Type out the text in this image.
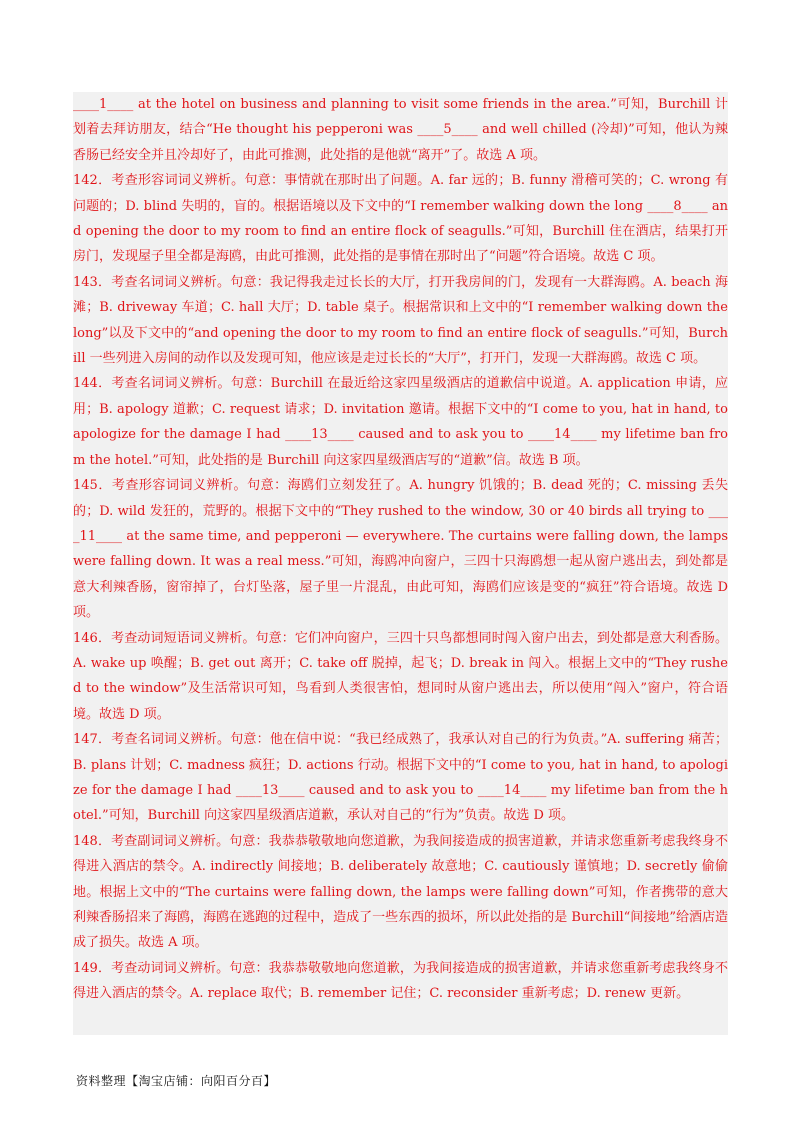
____1____ at the hotel on business and planning to visit some friends in the area.”可知，Burchill 计划着去拜访朋友，结合“He thought his pepperoni was ____5____ and well chilled (冷却)”可知，他认为辣香肠已经安全并且冷却好了，由此可推测，此处指的是他就“离开”了。故选 A 项。

142．考查形容词词义辨析。句意：事情就在那时出了问题。A. far 远的；B. funny 滑稽可笑的；C. wrong 有问题的；D. blind 失明的，盲的。根据语境以及下文中的“I remember walking down the long ____8____ and opening the door to my room to find an entire flock of seagulls.”可知，Burchill 住在酒店，结果打开房门，发现屋子里全都是海鸥，由此可推测，此处指的是事情在那时出了“问题”符合语境。故选 C 项。

143．考查名词词义辨析。句意：我记得我走过长长的大厅，打开我房间的门，发现有一大群海鸥。A. beach 海滩；B. driveway 车道；C. hall 大厅；D. table 桌子。根据常识和上文中的“I remember walking down the long”以及下文中的“and opening the door to my room to find an entire flock of seagulls.”可知，Burchill 一些列进入房间的动作以及发现可知，他应该是走过长长的“大厅”，打开门，发现一大群海鸥。故选 C 项。

144．考查名词词义辨析。句意：Burchill 在最近给这家四星级酒店的道歉信中说道。A. application 申请，应用；B. apology 道歉；C. request 请求；D. invitation 邀请。根据下文中的“I come to you, hat in hand, to apologize for the damage I had ____13____ caused and to ask you to ____14____ my lifetime ban from the hotel.”可知，此处指的是 Burchill 向这家四星级酒店写的“道歉”信。故选 B 项。

145．考查形容词词义辨析。句意：海鸥们立刻发狂了。A. hungry 饥饿的；B. dead 死的；C. missing 丢失的；D. wild 发狂的，荒野的。根据下文中的“They rushed to the window, 30 or 40 birds all trying to ____11____ at the same time, and pepperoni — everywhere. The curtains were falling down, the lamps were falling down. It was a real mess.”可知，海鸥冲向窗户，三四十只海鸥想一起从窗户逃出去，到处都是意大利辣香肠，窗帘掉了，台灯坠落，屋子里一片混乱，由此可知，海鸥们应该是变的“疯狂”符合语境。故选 D 项。

146．考查动词短语词义辨析。句意：它们冲向窗户，三四十只鸟都想同时闯入窗户出去，到处都是意大利香肠。A. wake up 唤醒；B. get out 离开；C. take off 脱掉，起飞；D. break in 闯入。根据上文中的“They rushed to the window”及生活常识可知，鸟看到人类很害怕，想同时从窗户逃出去，所以使用“闯入”窗户，符合语境。故选 D 项。

147．考查名词词义辨析。句意：他在信中说：“我已经成熟了，我承认对自己的行为负责。”A. suffering 痛苦；B. plans 计划；C. madness 疯狂；D. actions 行动。根据下文中的“I come to you, hat in hand, to apologize for the damage I had ____13____ caused and to ask you to ____14____ my lifetime ban from the hotel.”可知，Burchill 向这家四星级酒店道歉，承认对自己的“行为”负责。故选 D 项。

148．考查副词词义辨析。句意：我恭恭敬敬地向您道歉，为我间接造成的损害道歉，并请求您重新考虑我终身不得进入酒店的禁令。A. indirectly 间接地；B. deliberately 故意地；C. cautiously 谨慎地；D. secretly 偷偷地。根据上文中的“The curtains were falling down, the lamps were falling down”可知，作者携带的意大利辣香肠招来了海鸥，海鸥在逃跑的过程中，造成了一些东西的损坏，所以此处指的是 Burchill“间接地”给酒店造成了损失。故选 A 项。

149．考查动词词义辨析。句意：我恭恭敬敬地向您道歉，为我间接造成的损害道歉，并请求您重新考虑我终身不得进入酒店的禁令。A. replace 取代；B. remember 记住；C. reconsider 重新考虑；D. renew 更新。

资料整理【淘宝店铺：向阳百分百】
